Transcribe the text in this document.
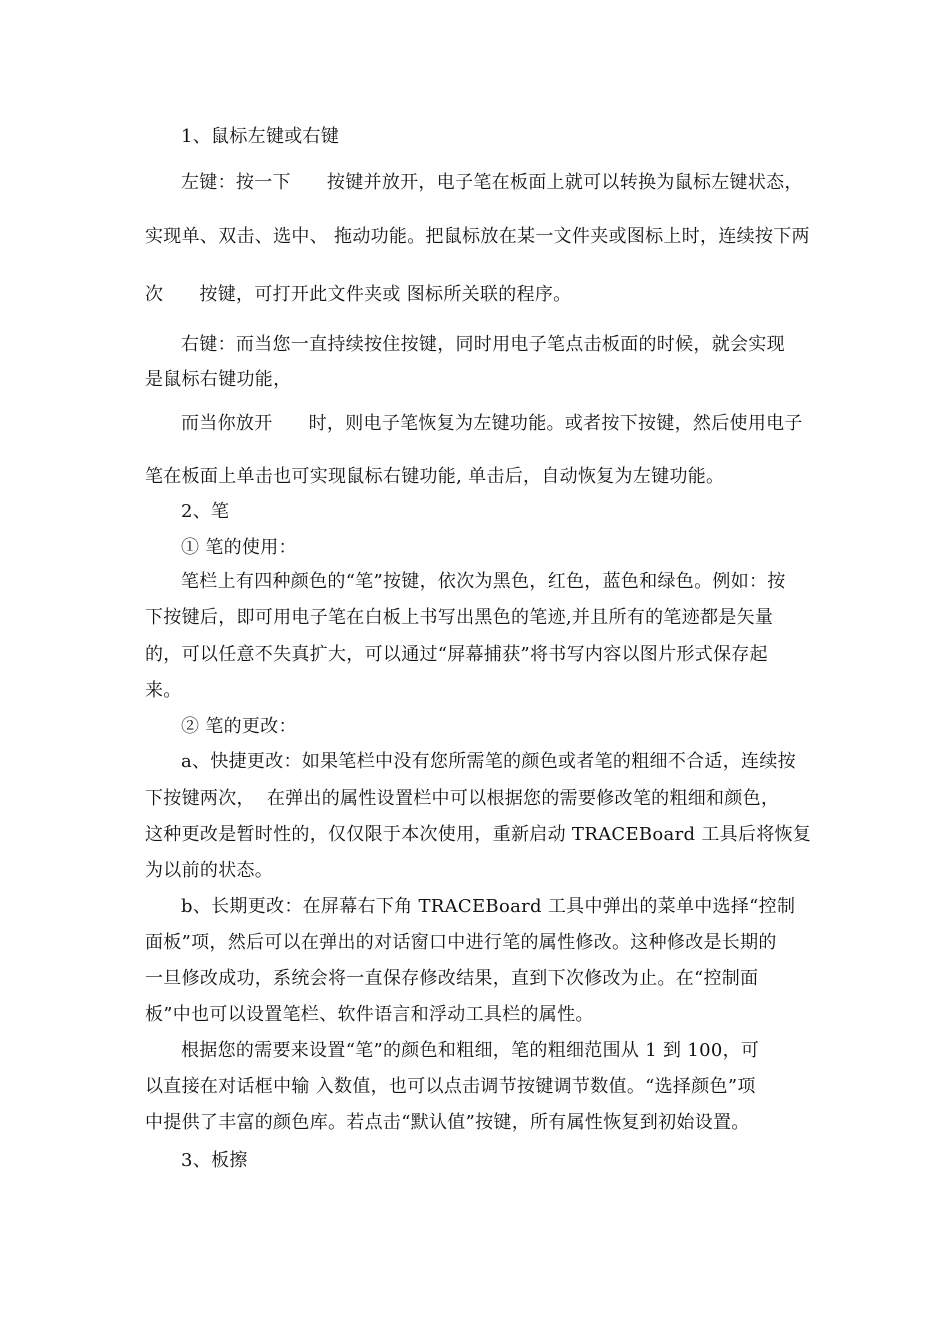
1、鼠标左键或右键
左键：按一下      按键并放开，电子笔在板面上就可以转换为鼠标左键状态，
实现单、双击、选中、 拖动功能。把鼠标放在某一文件夹或图标上时，连续按下两
次      按键，可打开此文件夹或 图标所关联的程序。
右键：而当您一直持续按住按键，同时用电子笔点击板面的时候，就会实现
是鼠标右键功能，
而当你放开      时，则电子笔恢复为左键功能。或者按下按键，然后使用电子
笔在板面上单击也可实现鼠标右键功能, 单击后，自动恢复为左键功能。
2、笔
① 笔的使用：
笔栏上有四种颜色的“笔”按键，依次为黑色，红色，蓝色和绿色。例如：按
下按键后，即可用电子笔在白板上书写出黑色的笔迹,并且所有的笔迹都是矢量
的，可以任意不失真扩大，可以通过“屏幕捕获”将书写内容以图片形式保存起
来。
② 笔的更改：
a、快捷更改：如果笔栏中没有您所需笔的颜色或者笔的粗细不合适，连续按
下按键两次，  在弹出的属性设置栏中可以根据您的需要修改笔的粗细和颜色，
这种更改是暂时性的，仅仅限于本次使用，重新启动 TRACEBoard 工具后将恢复
为以前的状态。
b、长期更改：在屏幕右下角 TRACEBoard 工具中弹出的菜单中选择“控制
面板”项，然后可以在弹出的对话窗口中进行笔的属性修改。这种修改是长期的
一旦修改成功，系统会将一直保存修改结果，直到下次修改为止。在“控制面
板”中也可以设置笔栏、软件语言和浮动工具栏的属性。
根据您的需要来设置“笔”的颜色和粗细，笔的粗细范围从 1 到 100，可
以直接在对话框中输 入数值，也可以点击调节按键调节数值。“选择颜色”项
中提供了丰富的颜色库。若点击“默认值”按键，所有属性恢复到初始设置。
3、板擦
